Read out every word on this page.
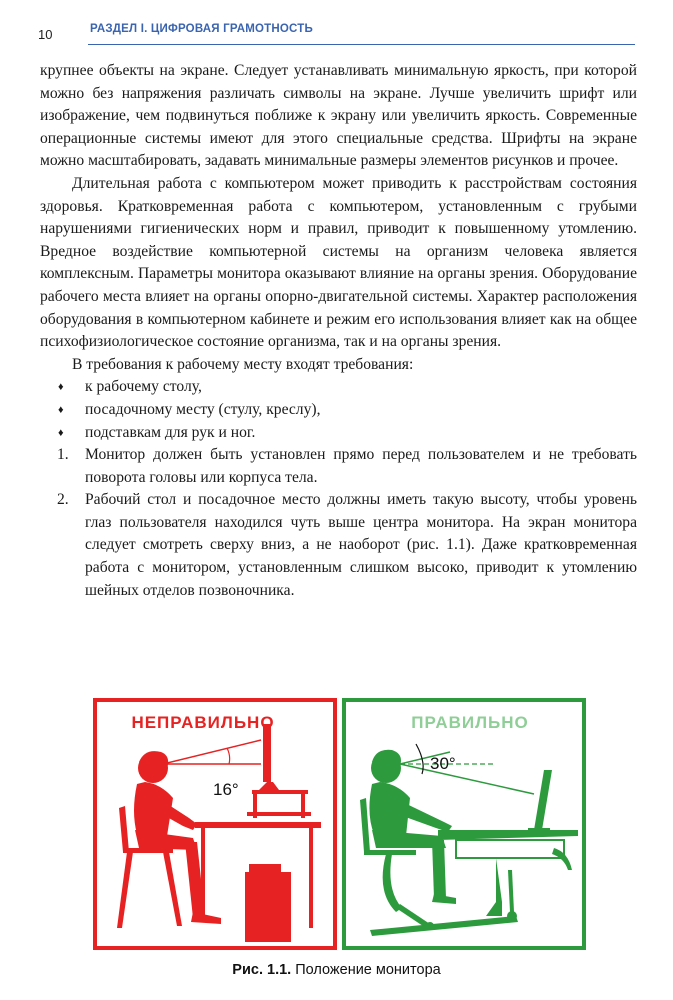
10	РАЗДЕЛ I. ЦИФРОВАЯ ГРАМОТНОСТЬ

крупнее объекты на экране. Следует устанавливать минимальную яркость, при которой можно без напряжения различать символы на экране. Лучше увеличить шрифт или изображение, чем подвинуться поближе к экрану или увеличить яркость. Современные операционные системы имеют для этого специальные средства. Шрифты на экране можно масштабировать, задавать минимальные размеры элементов рисунков и прочее.

Длительная работа с компьютером может приводить к расстройствам состояния здоровья. Кратковременная работа с компьютером, установленным с грубыми нарушениями гигиенических норм и правил, приводит к повышенному утомлению. Вредное воздействие компьютерной системы на организм человека является комплексным. Параметры монитора оказывают влияние на органы зрения. Оборудование рабочего места влияет на органы опорно-двигательной системы. Характер расположения оборудования в компьютерном кабинете и режим его использования влияет как на общее психофизиологическое состояние организма, так и на органы зрения.

В требования к рабочему месту входят требования:

♦ к рабочему столу,
♦ посадочному месту (стулу, креслу),
♦ подставкам для рук и ног.
1. Монитор должен быть установлен прямо перед пользователем и не требовать поворота головы или корпуса тела.
2. Рабочий стол и посадочное место должны иметь такую высоту, чтобы уровень глаз пользователя находился чуть выше центра монитора. На экран монитора следует смотреть сверху вниз, а не наоборот (рис. 1.1). Даже кратковременная работа с монитором, установленным слишком высоко, приводит к утомлению шейных отделов позвоночника.
НЕПРАВИЛЬНО
16°
ПРАВИЛЬНО
30°
Рис. 1.1. Положение монитора
